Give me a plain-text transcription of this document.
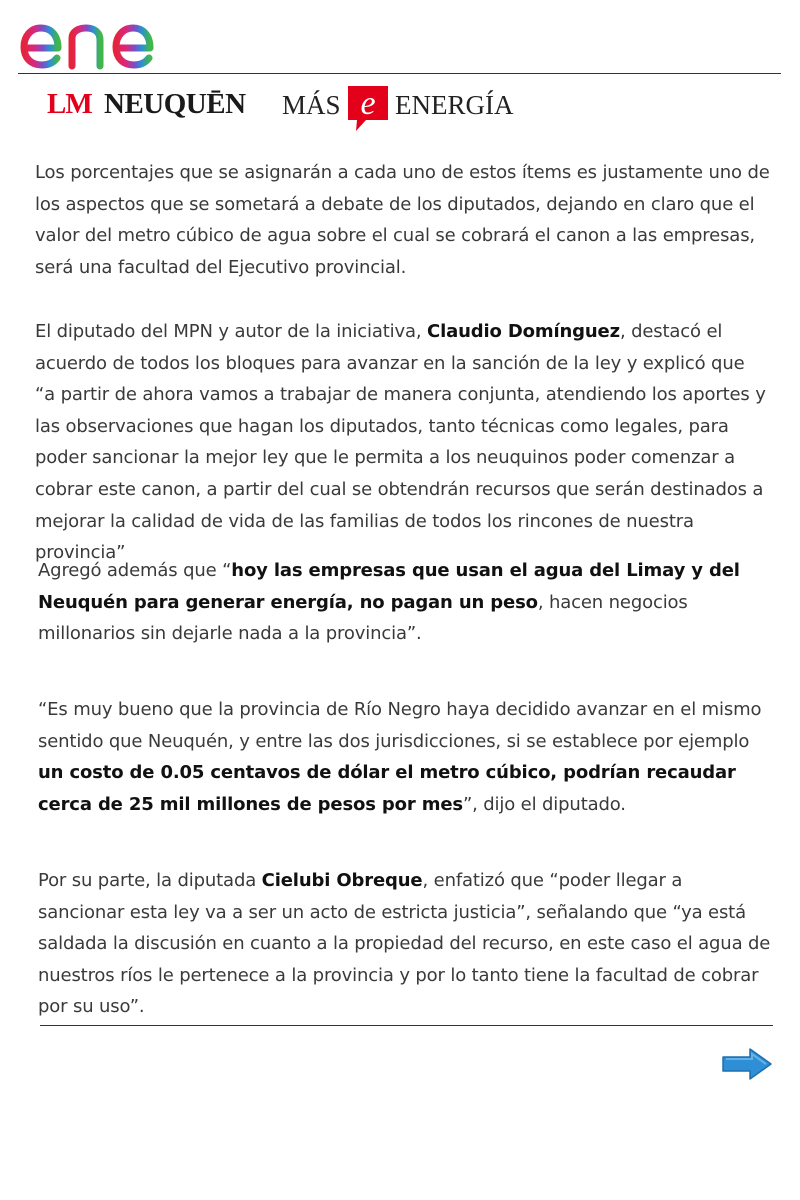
LM NEUQUĒN MÁS e ENERGÍA

Los porcentajes que se asignarán a cada uno de estos ítems es justamente uno de los aspectos que se sometará a debate de los diputados, dejando en claro que el valor del metro cúbico de agua sobre el cual se cobrará el canon a las empresas, será una facultad del Ejecutivo provincial.

El diputado del MPN y autor de la iniciativa, Claudio Domínguez, destacó el acuerdo de todos los bloques para avanzar en la sanción de la ley y explicó que “a partir de ahora vamos a trabajar de manera conjunta, atendiendo los aportes y las observaciones que hagan los diputados, tanto técnicas como legales, para poder sancionar la mejor ley que le permita a los neuquinos poder comenzar a cobrar este canon, a partir del cual se obtendrán recursos que serán destinados a mejorar la calidad de vida de las familias de todos los rincones de nuestra provincia”

Agregó además que “hoy las empresas que usan el agua del Limay y del Neuquén para generar energía, no pagan un peso, hacen negocios millonarios sin dejarle nada a la provincia”.

“Es muy bueno que la provincia de Río Negro haya decidido avanzar en el mismo sentido que Neuquén, y entre las dos jurisdicciones, si se establece por ejemplo un costo de 0.05 centavos de dólar el metro cúbico, podrían recaudar cerca de 25 mil millones de pesos por mes”, dijo el diputado.

Por su parte, la diputada Cielubi Obreque, enfatizó que “poder llegar a sancionar esta ley va a ser un acto de estricta justicia”, señalando que “ya está saldada la discusión en cuanto a la propiedad del recurso, en este caso el agua de nuestros ríos le pertenece a la provincia y por lo tanto tiene la facultad de cobrar por su uso”.
